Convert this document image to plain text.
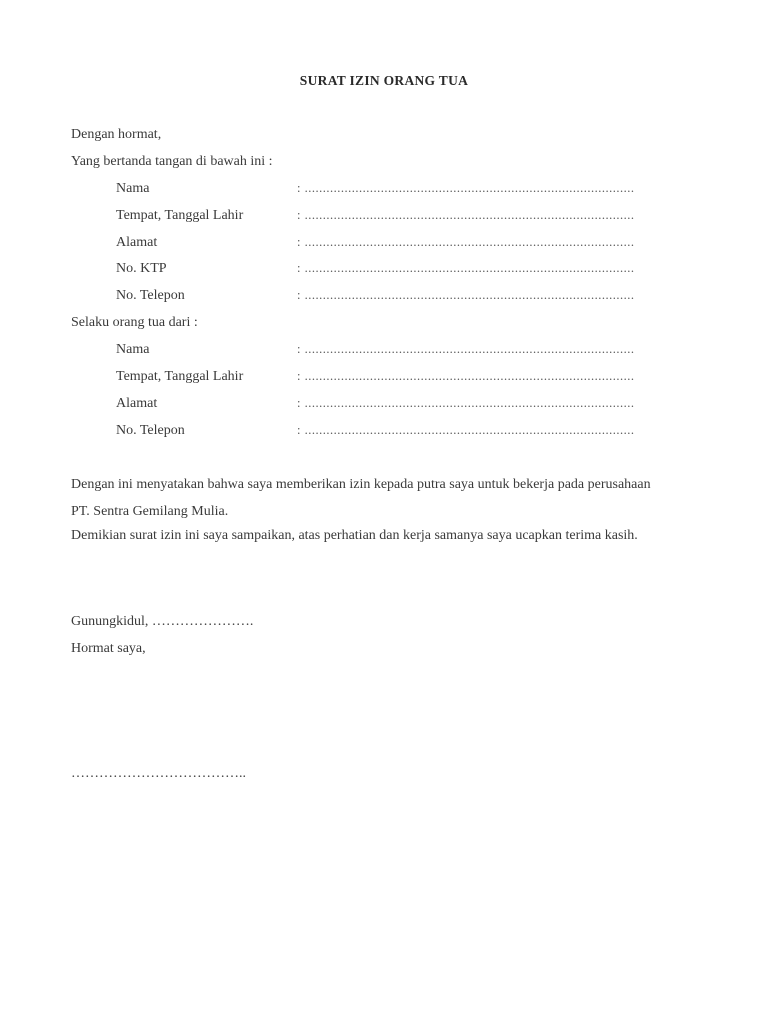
SURAT IZIN ORANG TUA
Dengan hormat,
Yang bertanda tangan di bawah ini :
Nama	: ...........................................................................................
Tempat, Tanggal Lahir	: ...........................................................................................
Alamat	: ...........................................................................................
No. KTP	: ...........................................................................................
No. Telepon	: ...........................................................................................
Selaku orang tua dari :
Nama	: ...........................................................................................
Tempat, Tanggal Lahir	: ...........................................................................................
Alamat	: ...........................................................................................
No. Telepon	: ...........................................................................................
Dengan ini menyatakan bahwa saya memberikan izin kepada putra saya untuk bekerja pada perusahaan
PT. Sentra Gemilang Mulia.
Demikian surat izin ini saya sampaikan, atas perhatian dan kerja samanya saya ucapkan terima kasih.
Gunungkidul, ………………….
Hormat saya,
………………………………..
